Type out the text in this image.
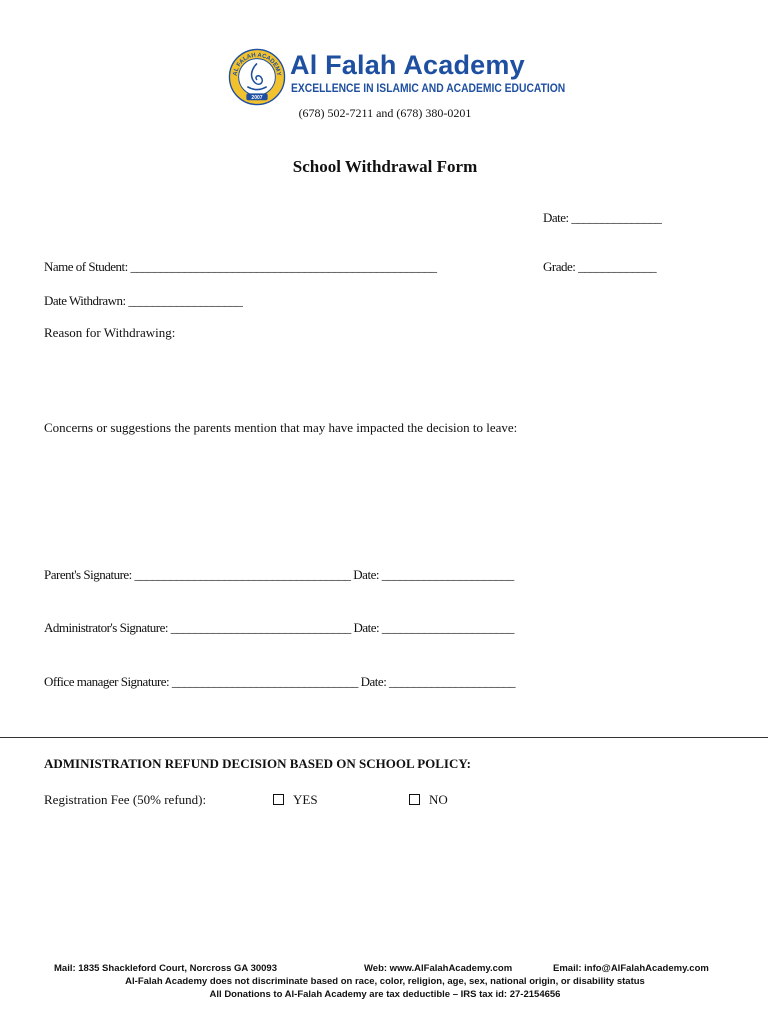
AL FALAH ACADEMY
2007
Al Falah Academy
EXCELLENCE IN ISLAMIC AND ACADEMIC EDUCATION
(678) 502-7211 and (678) 380-0201
School Withdrawal Form
Date: _______________
Name of Student: ___________________________________________________	Grade: _____________
Date Withdrawn: ___________________
Reason for Withdrawing:
Concerns or suggestions the parents mention that may have impacted the decision to leave:
Parent's Signature: ____________________________________ Date: ______________________
Administrator's Signature: ______________________________ Date: ______________________
Office manager Signature: _______________________________ Date: _____________________
ADMINISTRATION REFUND DECISION BASED ON SCHOOL POLICY:
Registration Fee (50% refund):	YES	NO
Mail: 1835 Shackleford Court, Norcross GA 30093	Web: www.AlFalahAcademy.com	Email: info@AlFalahAcademy.com
Al-Falah Academy does not discriminate based on race, color, religion, age, sex, national origin, or disability status
All Donations to Al-Falah Academy are tax deductible – IRS tax id: 27-2154656
